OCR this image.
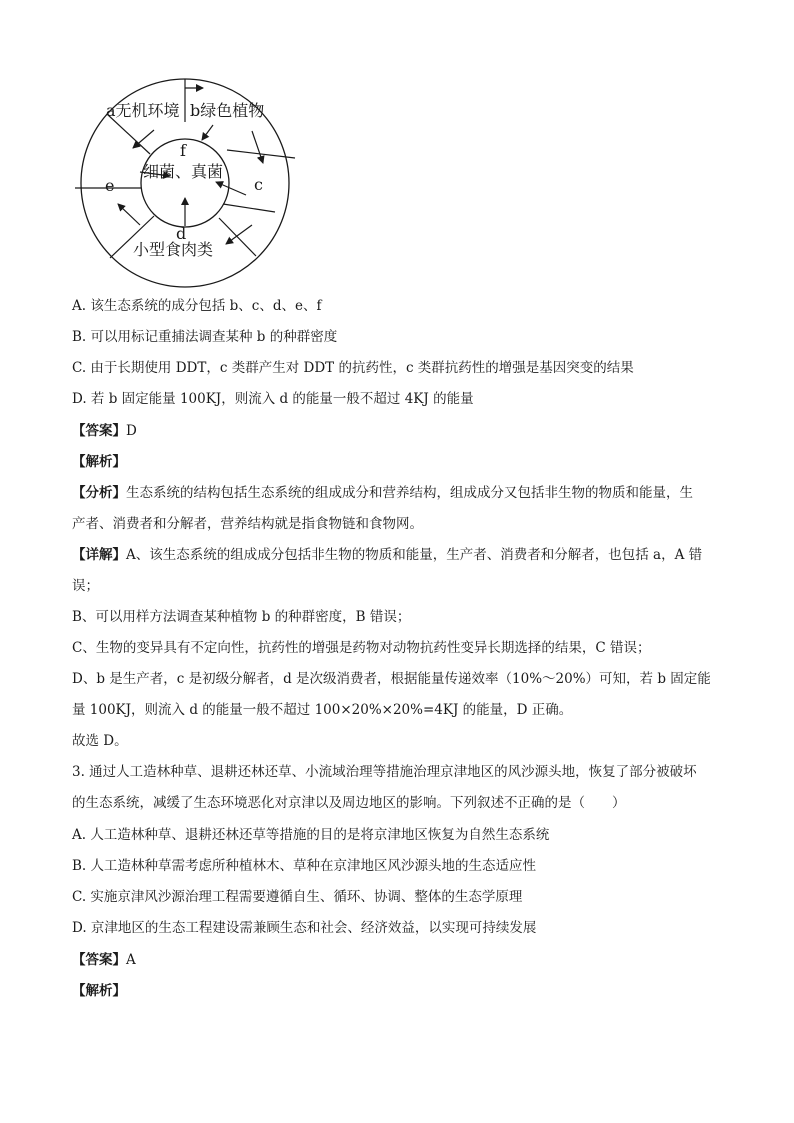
a无机环境 b绿色植物
f
细菌、真菌
e	c
d
小型食肉类
A. 该生态系统的成分包括 b、c、d、e、f
B. 可以用标记重捕法调查某种 b 的种群密度
C. 由于长期使用 DDT，c 类群产生对 DDT 的抗药性，c 类群抗药性的增强是基因突变的结果
D. 若 b 固定能量 100KJ，则流入 d 的能量一般不超过 4KJ 的能量
【答案】D
【解析】
【分析】生态系统的结构包括生态系统的组成成分和营养结构，组成成分又包括非生物的物质和能量，生
产者、消费者和分解者，营养结构就是指食物链和食物网。
【详解】A、该生态系统的组成成分包括非生物的物质和能量，生产者、消费者和分解者，也包括 a，A 错
误；
B、可以用样方法调查某种植物 b 的种群密度，B 错误；
C、生物的变异具有不定向性，抗药性的增强是药物对动物抗药性变异长期选择的结果，C 错误；
D、b 是生产者，c 是初级分解者，d 是次级消费者，根据能量传递效率（10%～20%）可知，若 b 固定能
量 100KJ，则流入 d 的能量一般不超过 100×20%×20%=4KJ 的能量，D 正确。
故选 D。
3. 通过人工造林种草、退耕还林还草、小流域治理等措施治理京津地区的风沙源头地，恢复了部分被破坏
的生态系统，减缓了生态环境恶化对京津以及周边地区的影响。下列叙述不正确的是（　　）
A. 人工造林种草、退耕还林还草等措施的目的是将京津地区恢复为自然生态系统
B. 人工造林种草需考虑所种植林木、草种在京津地区风沙源头地的生态适应性
C. 实施京津风沙源治理工程需要遵循自生、循环、协调、整体的生态学原理
D. 京津地区的生态工程建设需兼顾生态和社会、经济效益，以实现可持续发展
【答案】A
【解析】
